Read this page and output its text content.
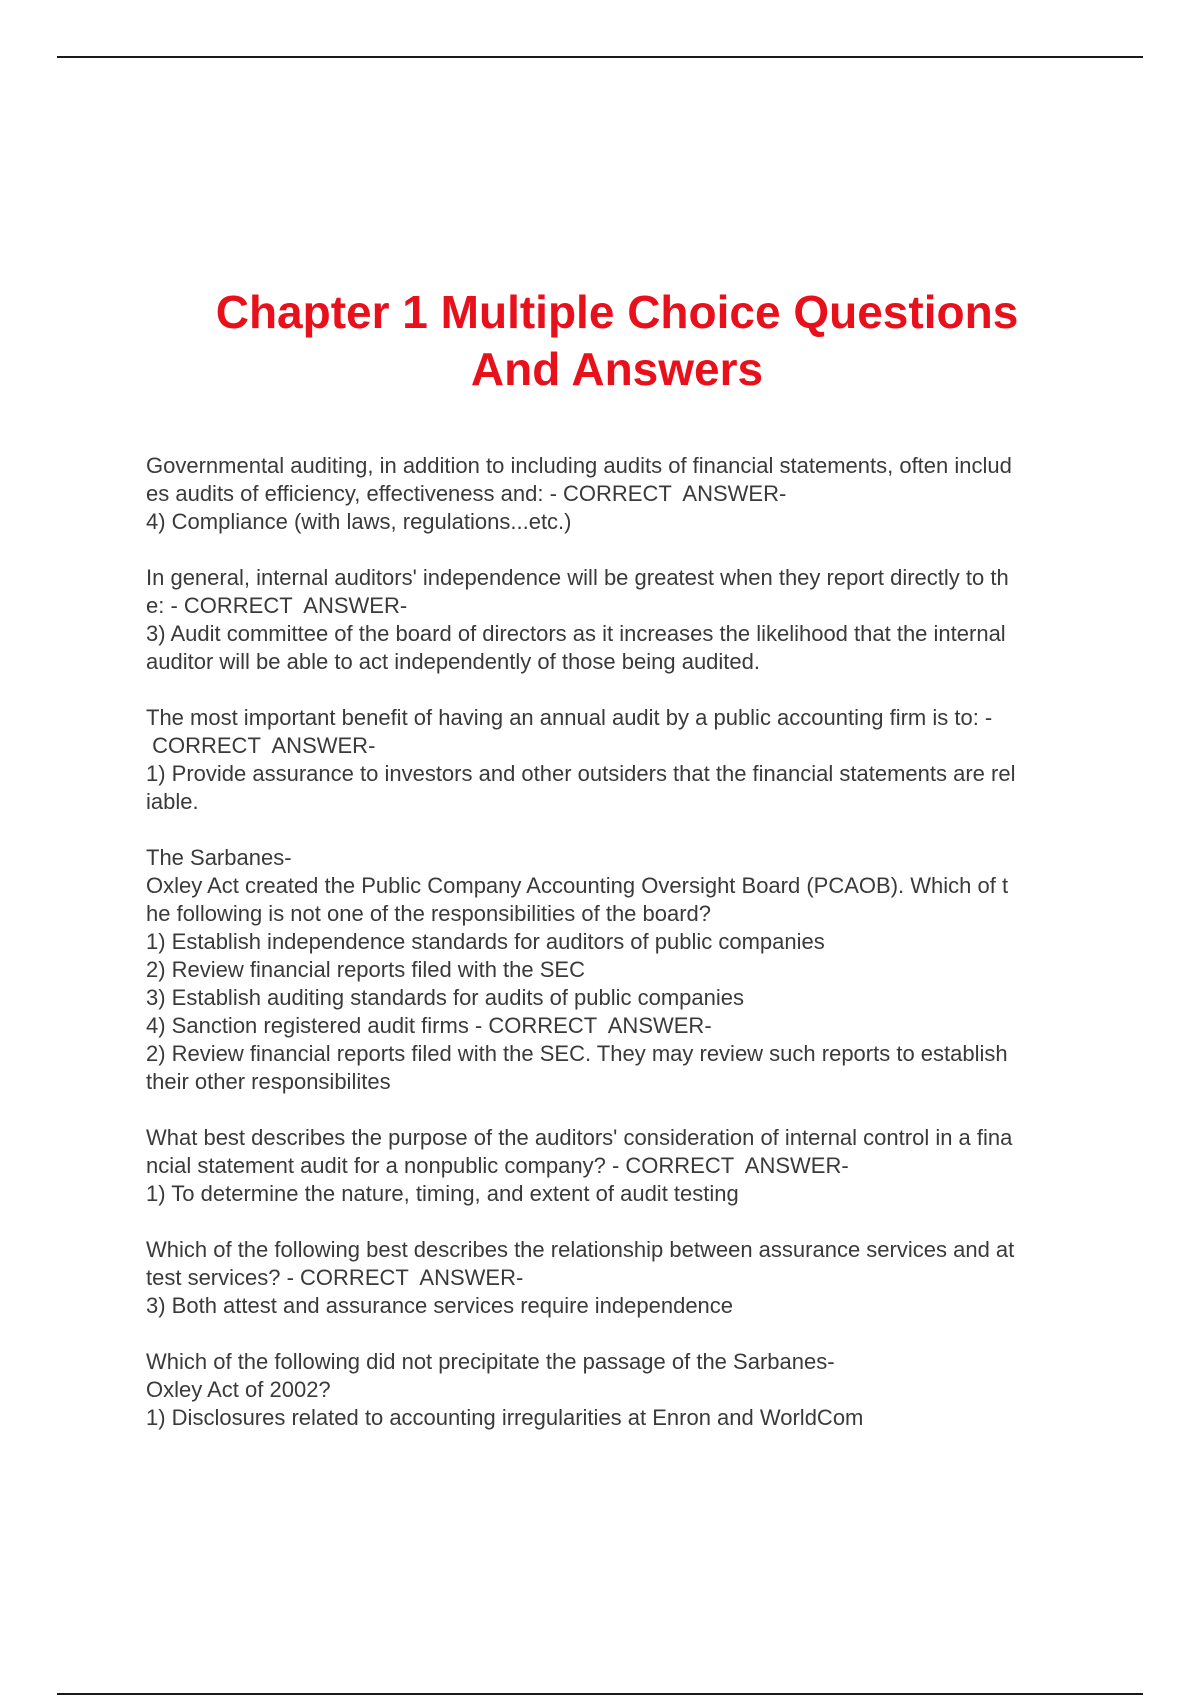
Chapter 1 Multiple Choice Questions
And Answers
Governmental auditing, in addition to including audits of financial statements, often includ
es audits of efficiency, effectiveness and: - CORRECT  ANSWER-
4) Compliance (with laws, regulations...etc.)
In general, internal auditors' independence will be greatest when they report directly to th
e: - CORRECT  ANSWER-
3) Audit committee of the board of directors as it increases the likelihood that the internal
auditor will be able to act independently of those being audited.
The most important benefit of having an annual audit by a public accounting firm is to: -
CORRECT  ANSWER-
1) Provide assurance to investors and other outsiders that the financial statements are rel
iable.
The Sarbanes-
Oxley Act created the Public Company Accounting Oversight Board (PCAOB). Which of t
he following is not one of the responsibilities of the board?
1) Establish independence standards for auditors of public companies
2) Review financial reports filed with the SEC
3) Establish auditing standards for audits of public companies
4) Sanction registered audit firms - CORRECT  ANSWER-
2) Review financial reports filed with the SEC. They may review such reports to establish
their other responsibilites
What best describes the purpose of the auditors' consideration of internal control in a fina
ncial statement audit for a nonpublic company? - CORRECT  ANSWER-
1) To determine the nature, timing, and extent of audit testing
Which of the following best describes the relationship between assurance services and at
test services? - CORRECT  ANSWER-
3) Both attest and assurance services require independence
Which of the following did not precipitate the passage of the Sarbanes-
Oxley Act of 2002?
1) Disclosures related to accounting irregularities at Enron and WorldCom
